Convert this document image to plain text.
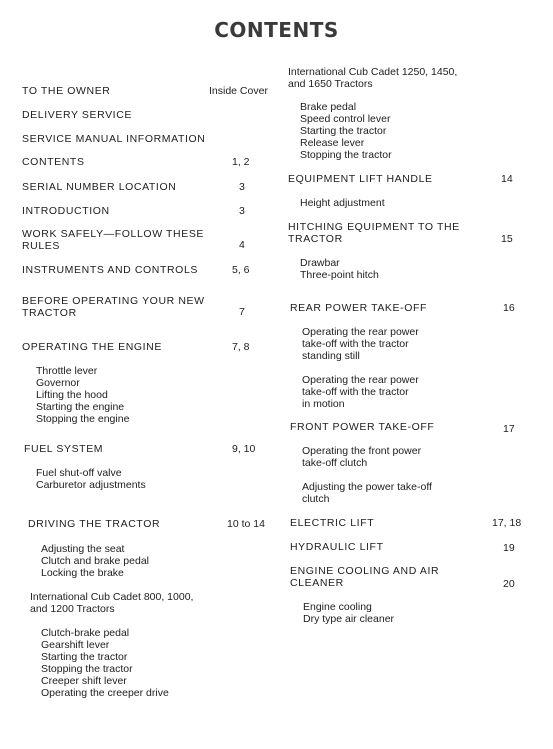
CONTENTS
TO THE OWNER	Inside Cover
DELIVERY SERVICE
SERVICE MANUAL INFORMATION
CONTENTS	1, 2
SERIAL NUMBER LOCATION	3
INTRODUCTION	3
WORK SAFELY—FOLLOW THESE
RULES	4
INSTRUMENTS AND CONTROLS	5, 6
BEFORE OPERATING YOUR NEW
TRACTOR	7
OPERATING THE ENGINE	7, 8
Throttle lever
Governor
Lifting the hood
Starting the engine
Stopping the engine
FUEL SYSTEM	9, 10
Fuel shut-off valve
Carburetor adjustments
DRIVING THE TRACTOR	10 to 14
Adjusting the seat
Clutch and brake pedal
Locking the brake
International Cub Cadet 800, 1000,
and 1200 Tractors
Clutch-brake pedal
Gearshift lever
Starting the tractor
Stopping the tractor
Creeper shift lever
Operating the creeper drive
International Cub Cadet 1250, 1450,
and 1650 Tractors
Brake pedal
Speed control lever
Starting the tractor
Release lever
Stopping the tractor
EQUIPMENT LIFT HANDLE	14
Height adjustment
HITCHING EQUIPMENT TO THE
TRACTOR	15
Drawbar
Three-point hitch
REAR POWER TAKE-OFF	16
Operating the rear power
take-off with the tractor
standing still
Operating the rear power
take-off with the tractor
in motion
FRONT POWER TAKE-OFF	17
Operating the front power
take-off clutch
Adjusting the power take-off
clutch
ELECTRIC LIFT	17, 18
HYDRAULIC LIFT	19
ENGINE COOLING AND AIR
CLEANER	20
Engine cooling
Dry type air cleaner
